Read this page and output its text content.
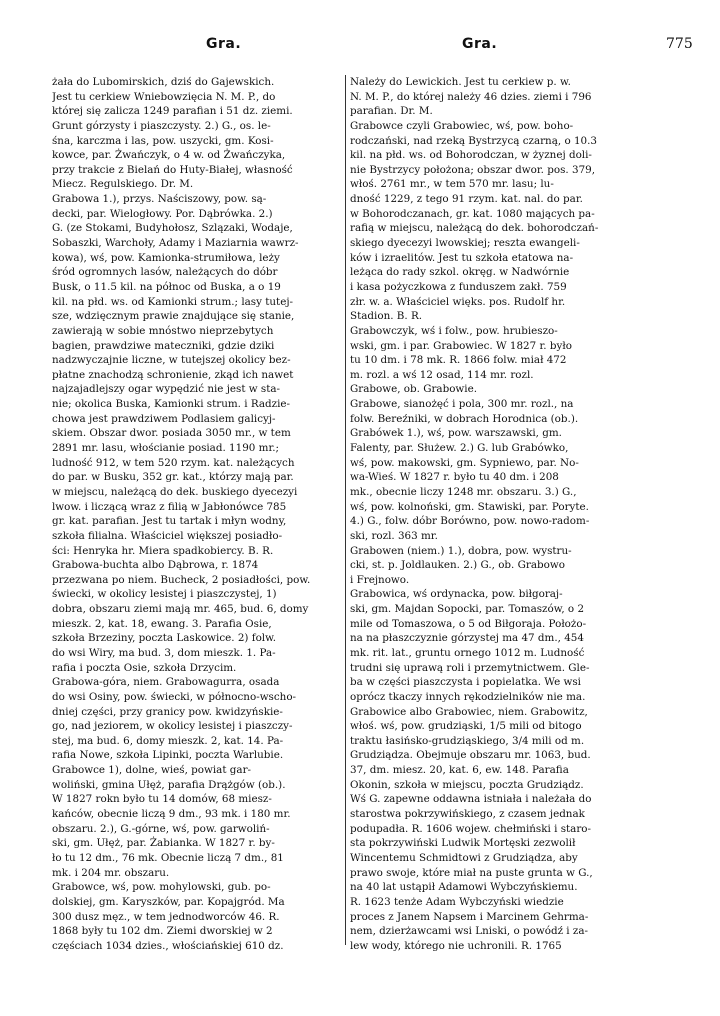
Gra.	Gra.	775
żała do Lubomirskich, dziś do Gajewskich.
Jest tu cerkiew Wniebowzięcia N. M. P., do
której się zalicza 1249 parafian i 51 dz. ziemi.
Grunt górzysty i piaszczysty. 2.) G., os. le-
śna, karczma i las, pow. uszycki, gm. Kosi-
kowce, par. Żwańczyk, o 4 w. od Żwańczyka,
przy trakcie z Bielań do Huty-Białej, własność
Miecz. Regulskiego. Dr. M.
Grabowa 1.), przys. Naściszowy, pow. są-
decki, par. Wielogłowy. Por. Dąbrówka. 2.)
G. (ze Stokami, Budyhołosz, Szlązaki, Wodaje,
Sobaszki, Warchoły, Adamy i Maziarnia wawrz-
kowa), wś, pow. Kamionka-strumiłowa, leży
śród ogromnych lasów, należących do dóbr
Busk, o 11.5 kil. na północ od Buska, a o 19
kil. na płd. ws. od Kamionki strum.; lasy tutej-
sze, wdzięcznym prawie znajdujące się stanie,
zawierają w sobie mnóstwo nieprzebytych
bagien, prawdziwe mateczniki, gdzie dziki
nadzwyczajnie liczne, w tutejszej okolicy bez-
płatne znachodzą schronienie, zkąd ich nawet
najzajadlejszy ogar wypędzić nie jest w sta-
nie; okolica Buska, Kamionki strum. i Radzie-
chowa jest prawdziwem Podlasiem galicyj-
skiem. Obszar dwor. posiada 3050 mr., w tem
2891 mr. lasu, włościanie posiad. 1190 mr.;
ludność 912, w tem 520 rzym. kat. należących
do par. w Busku, 352 gr. kat., którzy mają par.
w miejscu, należącą do dek. buskiego dyecezyi
lwow. i liczącą wraz z filią w Jabłonówce 785
gr. kat. parafian. Jest tu tartak i młyn wodny,
szkoła filialna. Właściciel większej posiadło-
ści: Henryka hr. Miera spadkobiercy. B. R.
Grabowa-buchta albo Dąbrowa, r. 1874
przezwana po niem. Bucheck, 2 posiadłości, pow.
świecki, w okolicy lesistej i piaszczystej, 1)
dobra, obszaru ziemi mają mr. 465, bud. 6, domy
mieszk. 2, kat. 18, ewang. 3. Parafia Osie,
szkoła Brzeziny, poczta Laskowice. 2) folw.
do wsi Wiry, ma bud. 3, dom mieszk. 1. Pa-
rafia i poczta Osie, szkoła Drzycim.
Grabowa-góra, niem. Grabowagurra, osada
do wsi Osiny, pow. świecki, w północno-wscho-
dniej części, przy granicy pow. kwidzyńskie-
go, nad jeziorem, w okolicy lesistej i piaszczy-
stej, ma bud. 6, domy mieszk. 2, kat. 14. Pa-
rafia Nowe, szkoła Lipinki, poczta Warlubie.
Grabowce 1), dolne, wieś, powiat gar-
woliński, gmina Ułęż, parafia Drążgów (ob.).
W 1827 rokn było tu 14 domów, 68 miesz-
kańców, obecnie liczą 9 dm., 93 mk. i 180 mr.
obszaru. 2.), G.-górne, wś, pow. garwoliń-
ski, gm. Ułęż, par. Żabianka. W 1827 r. by-
ło tu 12 dm., 76 mk. Obecnie liczą 7 dm., 81
mk. i 204 mr. obszaru.
Grabowce, wś, pow. mohylowski, gub. po-
dolskiej, gm. Karyszków, par. Kopajgród. Ma
300 dusz męz., w tem jednodworców 46. R.
1868 były tu 102 dm. Ziemi dworskiej w 2
częściach 1034 dzies., włościańskiej 610 dz.
Należy do Lewickich. Jest tu cerkiew p. w.
N. M. P., do której należy 46 dzies. ziemi i 796
parafian. Dr. M.
Grabowce czyli Grabowiec, wś, pow. boho-
rodczański, nad rzeką Bystrzycą czarną, o 10.3
kil. na płd. ws. od Bohorodczan, w żyznej doli-
nie Bystrzycy położona; obszar dwor. pos. 379,
włoś. 2761 mr., w tem 570 mr. lasu; lu-
dność 1229, z tego 91 rzym. kat. nal. do par.
w Bohorodczanach, gr. kat. 1080 mających pa-
rafią w miejscu, należącą do dek. bohorodczań-
skiego dyecezyi lwowskiej; reszta ewangeli-
ków i izraelitów. Jest tu szkoła etatowa na-
leżąca do rady szkol. okręg. w Nadwórnie
i kasa pożyczkowa z funduszem zakł. 759
złr. w. a. Właściciel więks. pos. Rudolf hr.
Stadion. B. R.
Grabowczyk, wś i folw., pow. hrubieszo-
wski, gm. i par. Grabowiec. W 1827 r. było
tu 10 dm. i 78 mk. R. 1866 folw. miał 472
m. rozl. a wś 12 osad, 114 mr. rozl.
Grabowe, ob. Grabowie.
Grabowe, sianożęć i pola, 300 mr. rozl., na
folw. Bereźniki, w dobrach Horodnica (ob.).
Grabówek 1.), wś, pow. warszawski, gm.
Falenty, par. Służew. 2.) G. lub Grabówko,
wś, pow. makowski, gm. Sypniewo, par. No-
wa-Wieś. W 1827 r. było tu 40 dm. i 208
mk., obecnie liczy 1248 mr. obszaru. 3.) G.,
wś, pow. kolnoński, gm. Stawiski, par. Poryte.
4.) G., folw. dóbr Borówno, pow. nowo-radom-
ski, rozl. 363 mr.
Grabowen (niem.) 1.), dobra, pow. wystru-
cki, st. p. Joldlauken. 2.) G., ob. Grabowo
i Frejnowo.
Grabowica, wś ordynacka, pow. biłgoraj-
ski, gm. Majdan Sopocki, par. Tomaszów, o 2
mile od Tomaszowa, o 5 od Biłgoraja. Położo-
na na płaszczyznie górzystej ma 47 dm., 454
mk. rit. lat., gruntu ornego 1012 m. Ludność
trudni się uprawą roli i przemytnictwem. Gle-
ba w części piaszczysta i popielatka. We wsi
oprócz tkaczy innych rękodzielników nie ma.
Grabowice albo Grabowiec, niem. Grabowitz,
włoś. wś, pow. grudziąski, 1/5 mili od bitogo
traktu łasińsko-grudziąskiego, 3/4 mili od m.
Grudziądza. Obejmuje obszaru mr. 1063, bud.
37, dm. miesz. 20, kat. 6, ew. 148. Parafia
Okonin, szkoła w miejscu, poczta Grudziądz.
Wś G. zapewne oddawna istniała i należała do
starostwa pokrzywińskiego, z czasem jednak
podupadła. R. 1606 wojew. chełmiński i staro-
sta pokrzywiński Ludwik Mortęski zezwolił
Wincentemu Schmidtowi z Grudziądza, aby
prawo swoje, które miał na puste grunta w G.,
na 40 lat ustąpił Adamowi Wybczyńskiemu.
R. 1623 tenże Adam Wybczyński wiedzie
proces z Janem Napsem i Marcinem Gehrma-
nem, dzierżawcami wsi Lniski, o powódź i za-
lew wody, którego nie uchronili. R. 1765
